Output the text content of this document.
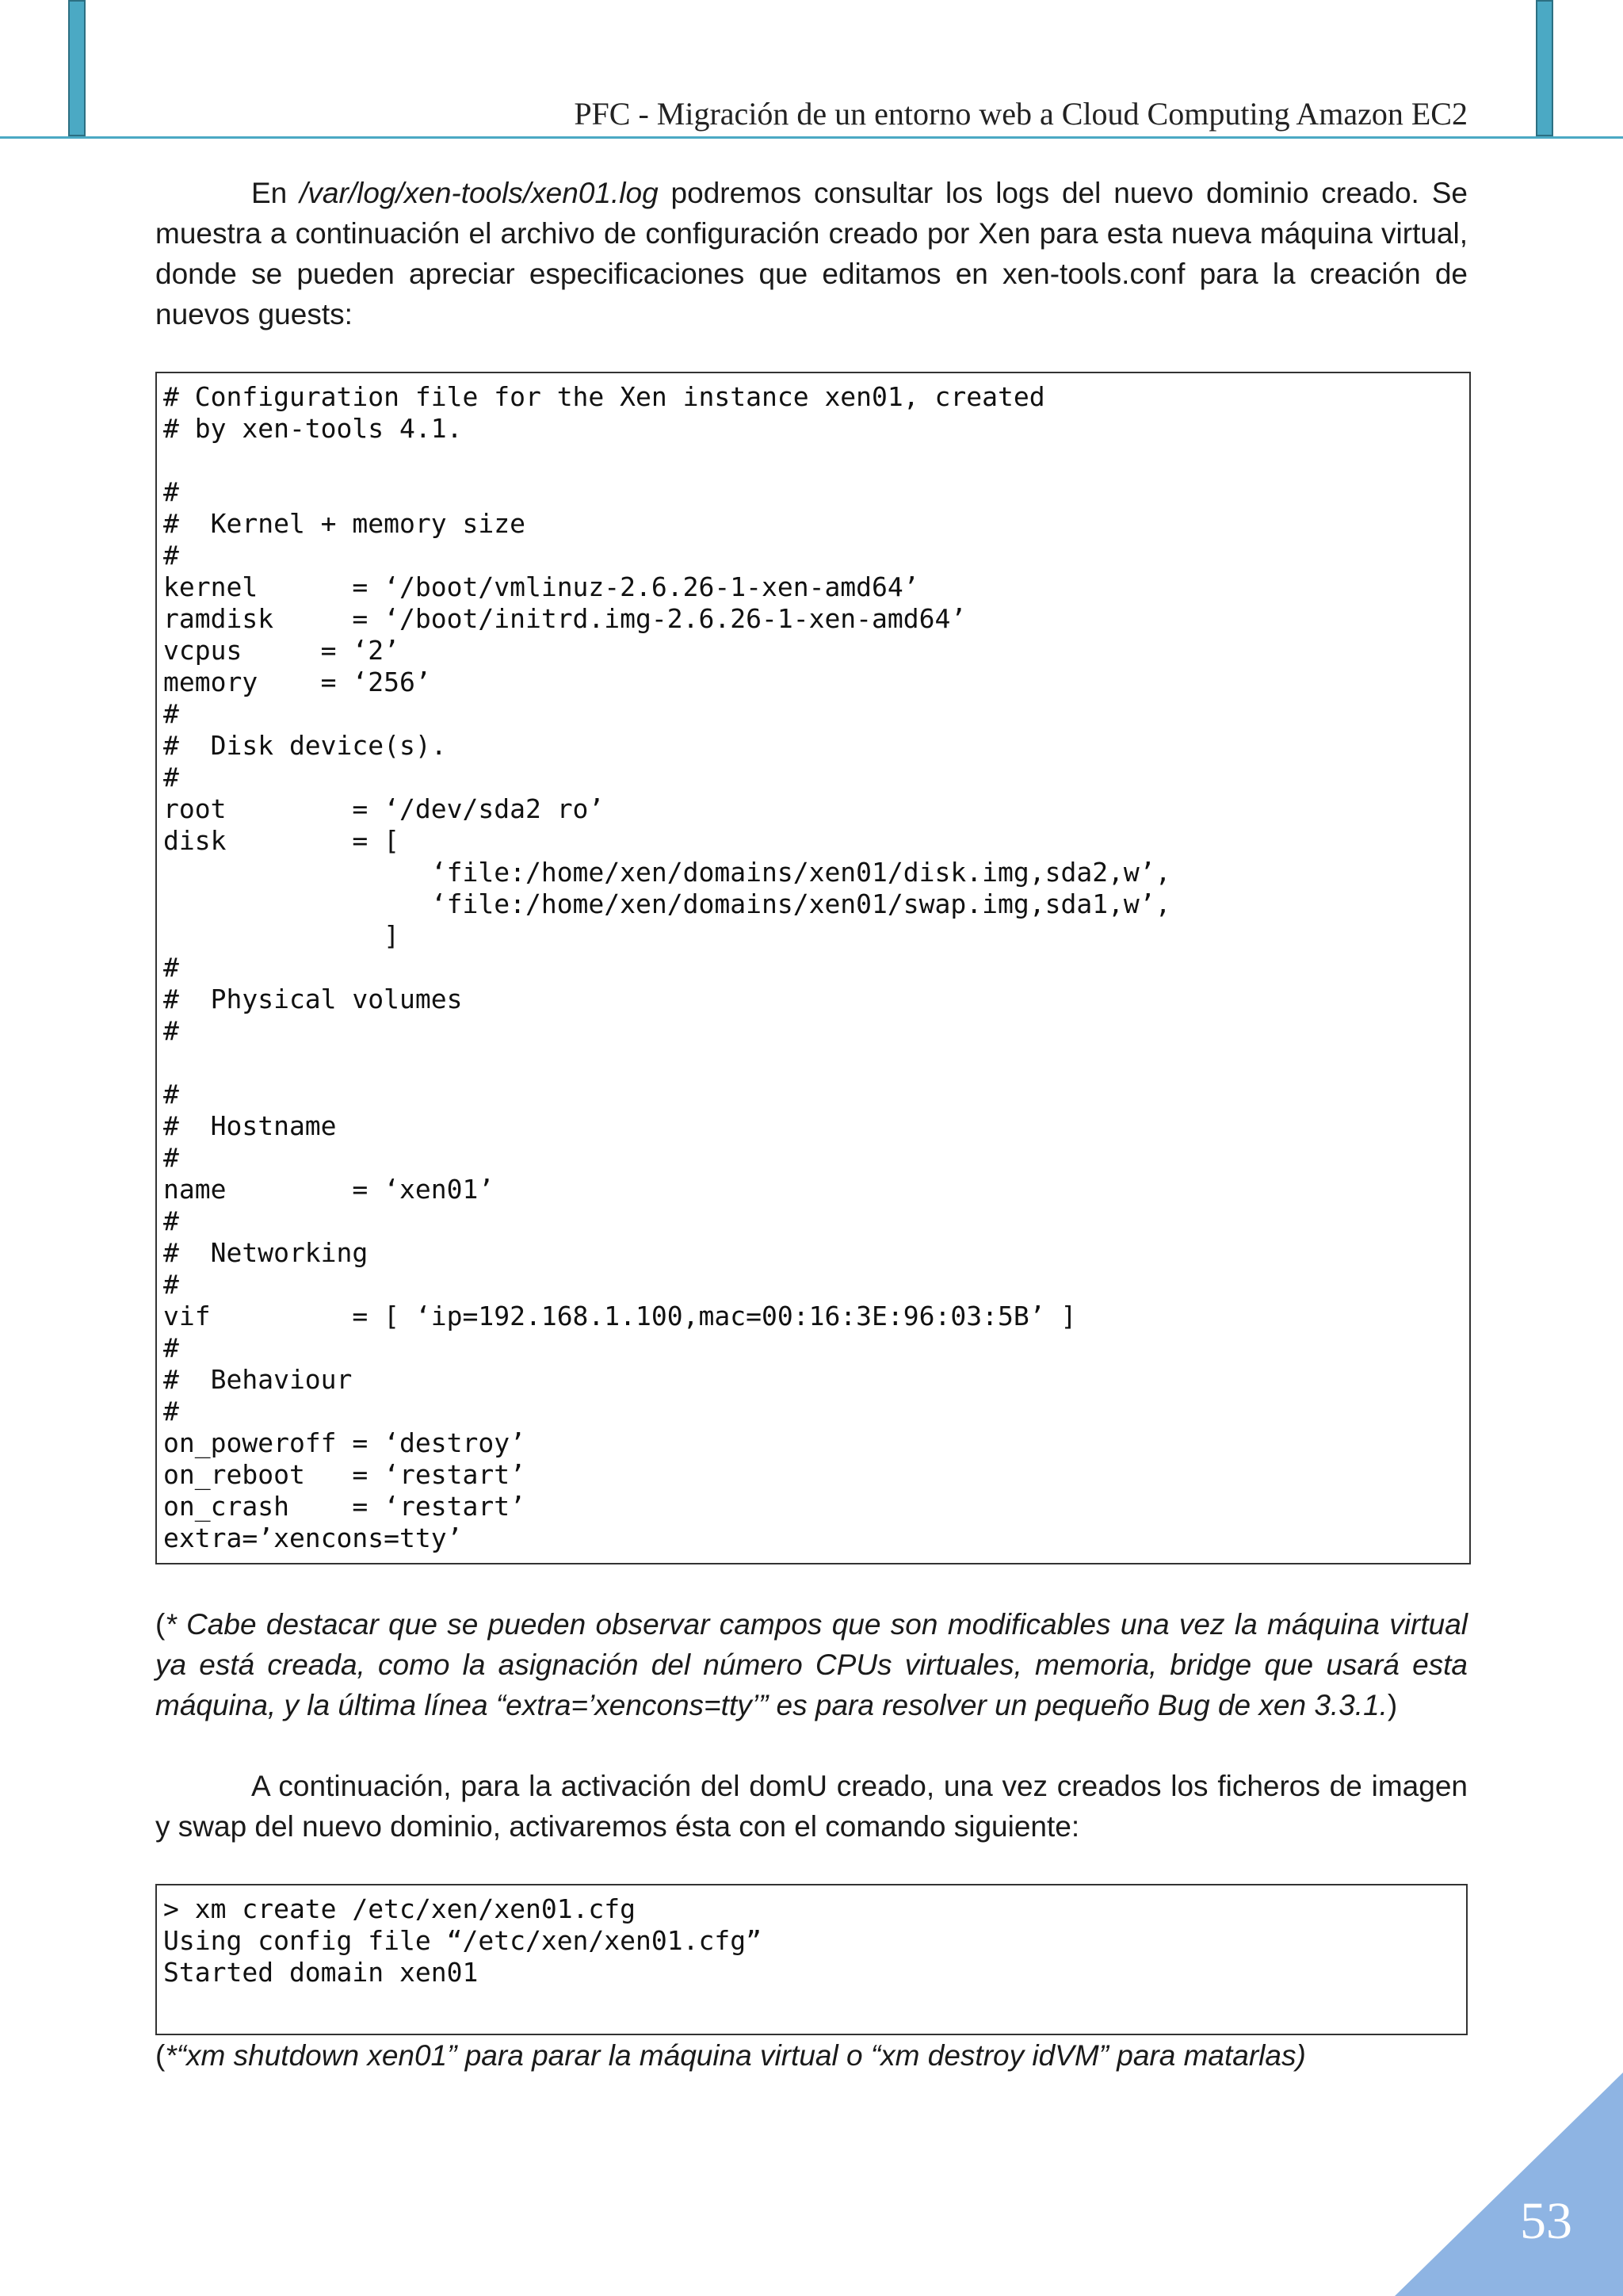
PFC - Migración de un entorno web a Cloud Computing Amazon EC2

En /var/log/xen-tools/xen01.log podremos consultar los logs del nuevo dominio creado. Se muestra a continuación el archivo de configuración creado por Xen para esta nueva máquina virtual, donde se pueden apreciar especificaciones que editamos en xen-tools.conf para la creación de nuevos guests:

# Configuration file for the Xen instance xen01, created
# by xen-tools 4.1.

#
#  Kernel + memory size
#
kernel      = ‘/boot/vmlinuz-2.6.26-1-xen-amd64’
ramdisk     = ‘/boot/initrd.img-2.6.26-1-xen-amd64’
vcpus     = ‘2’
memory    = ‘256’
#
#  Disk device(s).
#
root        = ‘/dev/sda2 ro’
disk        = [
‘file:/home/xen/domains/xen01/disk.img,sda2,w’,
‘file:/home/xen/domains/xen01/swap.img,sda1,w’,
]
#
#  Physical volumes
#

#
#  Hostname
#
name        = ‘xen01’
#
#  Networking
#
vif         = [ ‘ip=192.168.1.100,mac=00:16:3E:96:03:5B’ ]
#
#  Behaviour
#
on_poweroff = ‘destroy’
on_reboot   = ‘restart’
on_crash    = ‘restart’
extra=’xencons=tty’

(* Cabe destacar que se pueden observar campos que son modificables una vez la máquina virtual ya está creada, como la asignación del número CPUs virtuales, memoria, bridge que usará esta máquina, y la última línea “extra=’xencons=tty’” es para resolver un pequeño Bug de xen 3.3.1.)

A continuación, para la activación del domU creado, una vez creados los ficheros de imagen y swap del nuevo dominio, activaremos ésta con el comando siguiente:

> xm create /etc/xen/xen01.cfg
Using config file “/etc/xen/xen01.cfg”
Started domain xen01

(*“xm shutdown xen01” para parar la máquina virtual o “xm destroy idVM” para matarlas)

53
